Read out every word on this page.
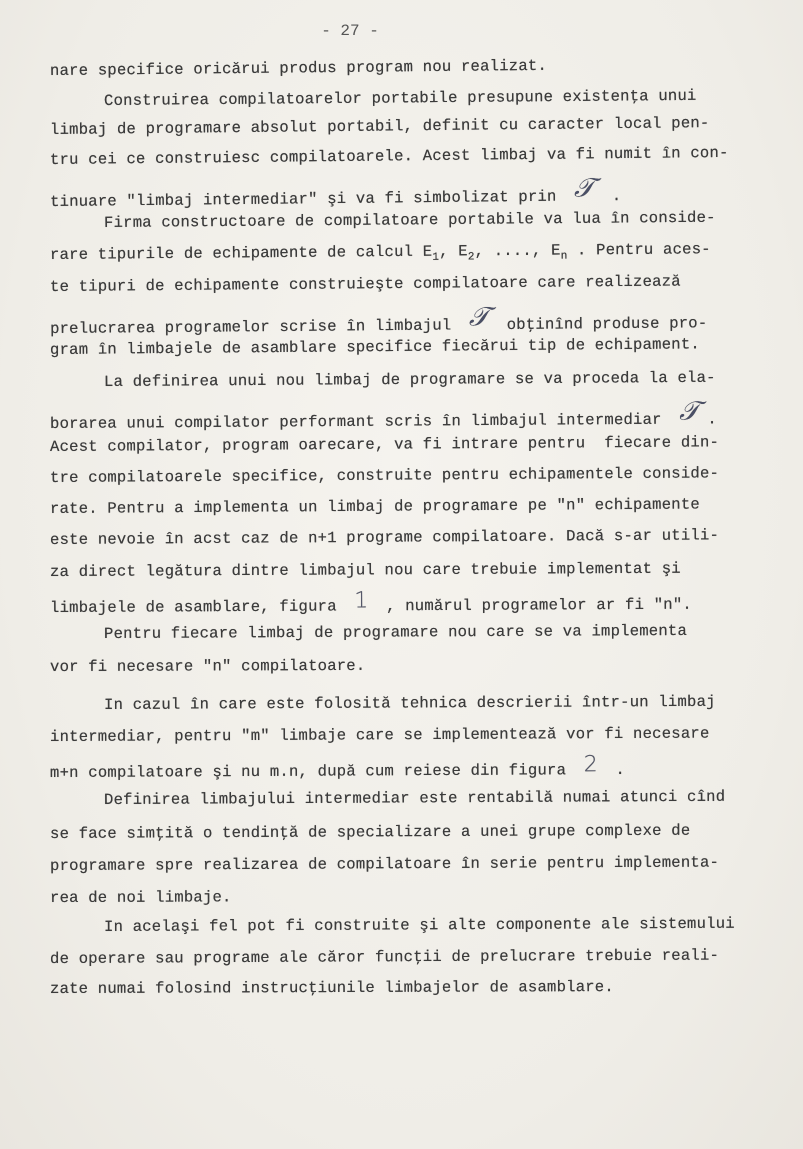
- 27 -
nare specifice oricărui produs program nou realizat.
Construirea compilatoarelor portabile presupune existenţa unui
limbaj de programare absolut portabil, definit cu caracter local pen-
tru cei ce construiesc compilatoarele. Acest limbaj va fi numit în con-
tinuare "limbaj intermediar" şi va fi simbolizat prin 𝒯 .
Firma constructoare de compilatoare portabile va lua în conside-
rare tipurile de echipamente de calcul $E_1$, $E_2$, ...., $E_n$ . Pentru aces-
te tipuri de echipamente construieşte compilatoare care realizează
prelucrarea programelor scrise în limbajul 𝒯 obţinînd produse pro-
gram în limbajele de asamblare specifice fiecărui tip de echipament.
La definirea unui nou limbaj de programare se va proceda la ela-
borarea unui compilator performant scris în limbajul intermediar 𝒯 .
Acest compilator, program oarecare, va fi intrare pentru  fiecare din-
tre compilatoarele specifice, construite pentru echipamentele conside-
rate. Pentru a implementa un limbaj de programare pe "n" echipamente
este nevoie în acst caz de n+1 programe compilatoare. Dacă s-ar utili-
za direct legătura dintre limbajul nou care trebuie implementat şi
limbajele de asamblare, figura 1 , numărul programelor ar fi "n".
Pentru fiecare limbaj de programare nou care se va implementa
vor fi necesare "n" compilatoare.
In cazul în care este folosită tehnica descrierii într-un limbaj
intermediar, pentru "m" limbaje care se implementează vor fi necesare
m+n compilatoare şi nu m.n, după cum reiese din figura 2 .
Definirea limbajului intermediar este rentabilă numai atunci cînd
se face simţită o tendinţă de specializare a unei grupe complexe de
programare spre realizarea de compilatoare în serie pentru implementa-
rea de noi limbaje.
In acelaşi fel pot fi construite şi alte componente ale sistemului
de operare sau programe ale căror funcţii de prelucrare trebuie reali-
zate numai folosind instrucţiunile limbajelor de asamblare.
